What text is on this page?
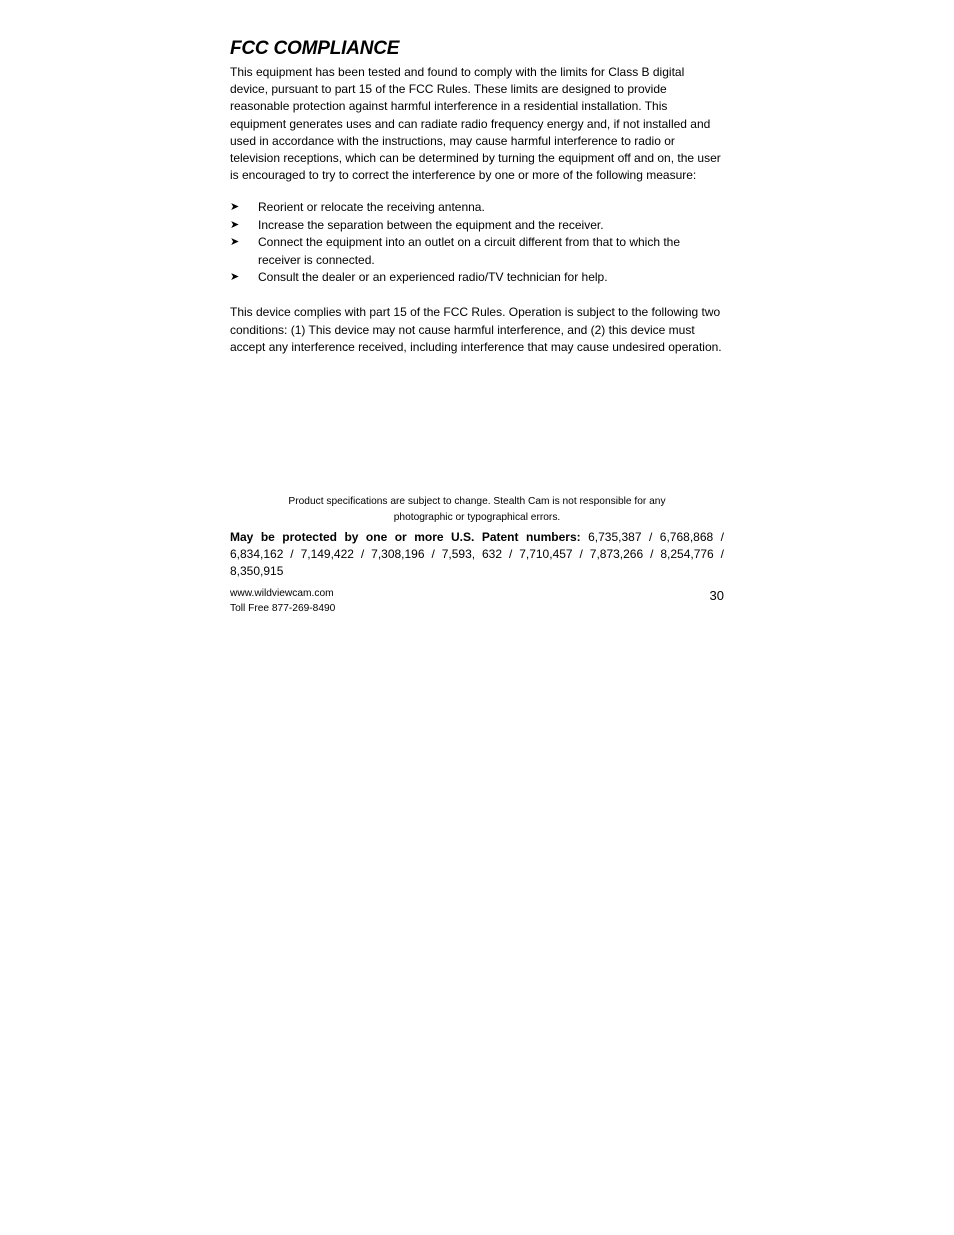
FCC COMPLIANCE

This equipment has been tested and found to comply with the limits for Class B digital device, pursuant to part 15 of the FCC Rules. These limits are designed to provide reasonable protection against harmful interference in a residential installation. This equipment generates uses and can radiate radio frequency energy and, if not installed and used in accordance with the instructions, may cause harmful interference to radio or television receptions, which can be determined by turning the equipment off and on, the user is encouraged to try to correct the interference by one or more of the following measure:

➤ Reorient or relocate the receiving antenna.
➤ Increase the separation between the equipment and the receiver.
➤ Connect the equipment into an outlet on a circuit different from that to which the receiver is connected.
➤ Consult the dealer or an experienced radio/TV technician for help.

This device complies with part 15 of the FCC Rules. Operation is subject to the following two conditions: (1) This device may not cause harmful interference, and (2) this device must accept any interference received, including interference that may cause undesired operation.

Product specifications are subject to change. Stealth Cam is not responsible for any
photographic or typographical errors.
May be protected by one or more U.S. Patent numbers: 6,735,387 / 6,768,868 / 6,834,162 / 7,149,422 / 7,308,196 / 7,593, 632 / 7,710,457 / 7,873,266 / 8,254,776 / 8,350,915
www.wildviewcam.com
Toll Free 877-269-8490
30
